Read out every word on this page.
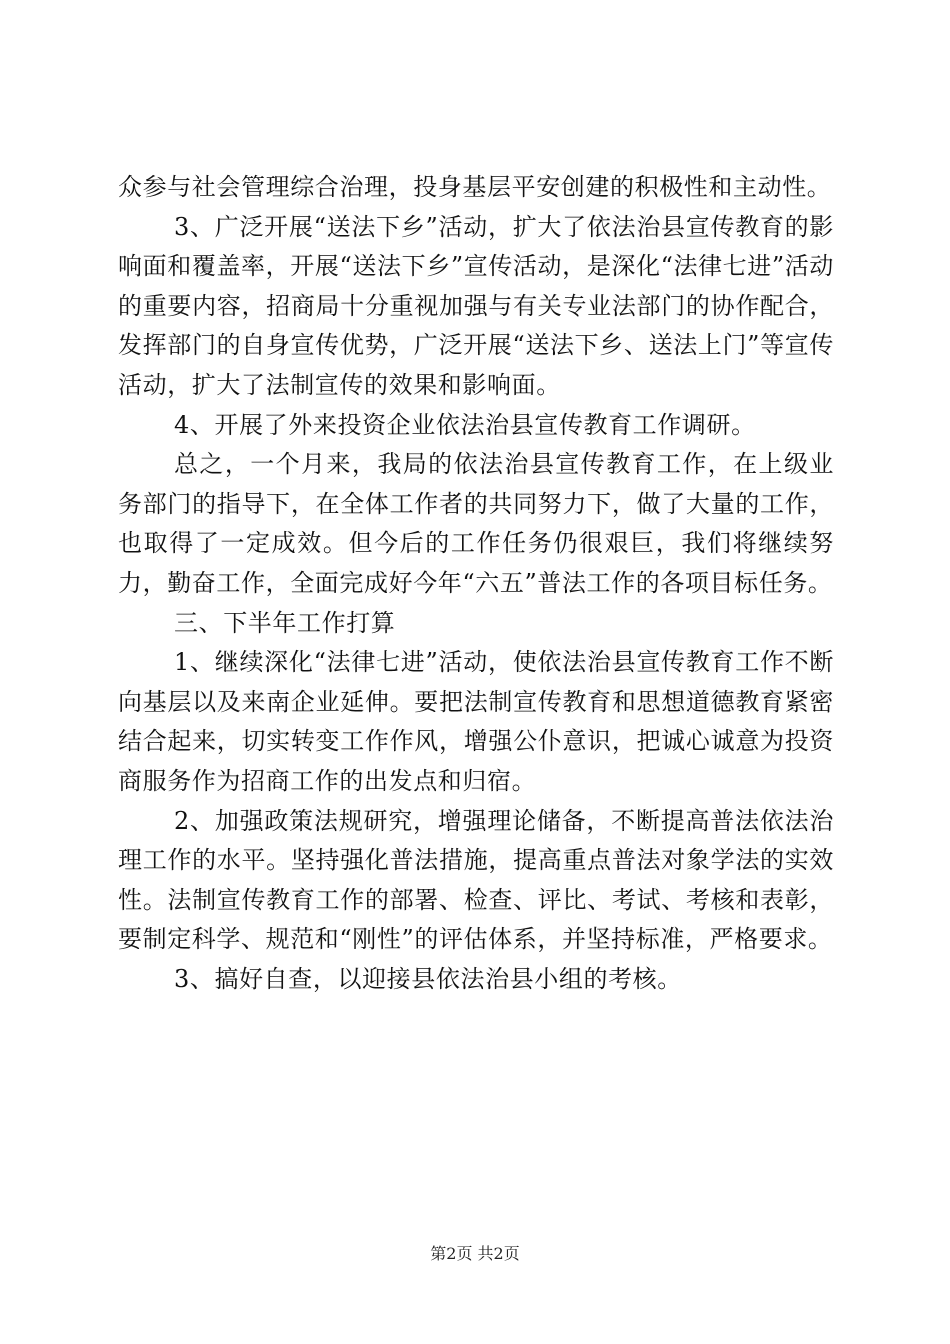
众参与社会管理综合治理，投身基层平安创建的积极性和主动性。

3、广泛开展“送法下乡”活动，扩大了依法治县宣传教育的影响面和覆盖率，开展“送法下乡”宣传活动，是深化“法律七进”活动的重要内容，招商局十分重视加强与有关专业法部门的协作配合，发挥部门的自身宣传优势，广泛开展“送法下乡、送法上门”等宣传活动，扩大了法制宣传的效果和影响面。

4、开展了外来投资企业依法治县宣传教育工作调研。

总之，一个月来，我局的依法治县宣传教育工作，在上级业务部门的指导下，在全体工作者的共同努力下，做了大量的工作，也取得了一定成效。但今后的工作任务仍很艰巨，我们将继续努力，勤奋工作，全面完成好今年“六五”普法工作的各项目标任务。

三、下半年工作打算

1、继续深化“法律七进”活动，使依法治县宣传教育工作不断向基层以及来南企业延伸。要把法制宣传教育和思想道德教育紧密结合起来，切实转变工作作风，增强公仆意识，把诚心诚意为投资商服务作为招商工作的出发点和归宿。

2、加强政策法规研究，增强理论储备，不断提高普法依法治理工作的水平。坚持强化普法措施，提高重点普法对象学法的实效性。法制宣传教育工作的部署、检查、评比、考试、考核和表彰，要制定科学、规范和“刚性”的评估体系，并坚持标准，严格要求。

3、搞好自查，以迎接县依法治县小组的考核。

第2页 共2页
